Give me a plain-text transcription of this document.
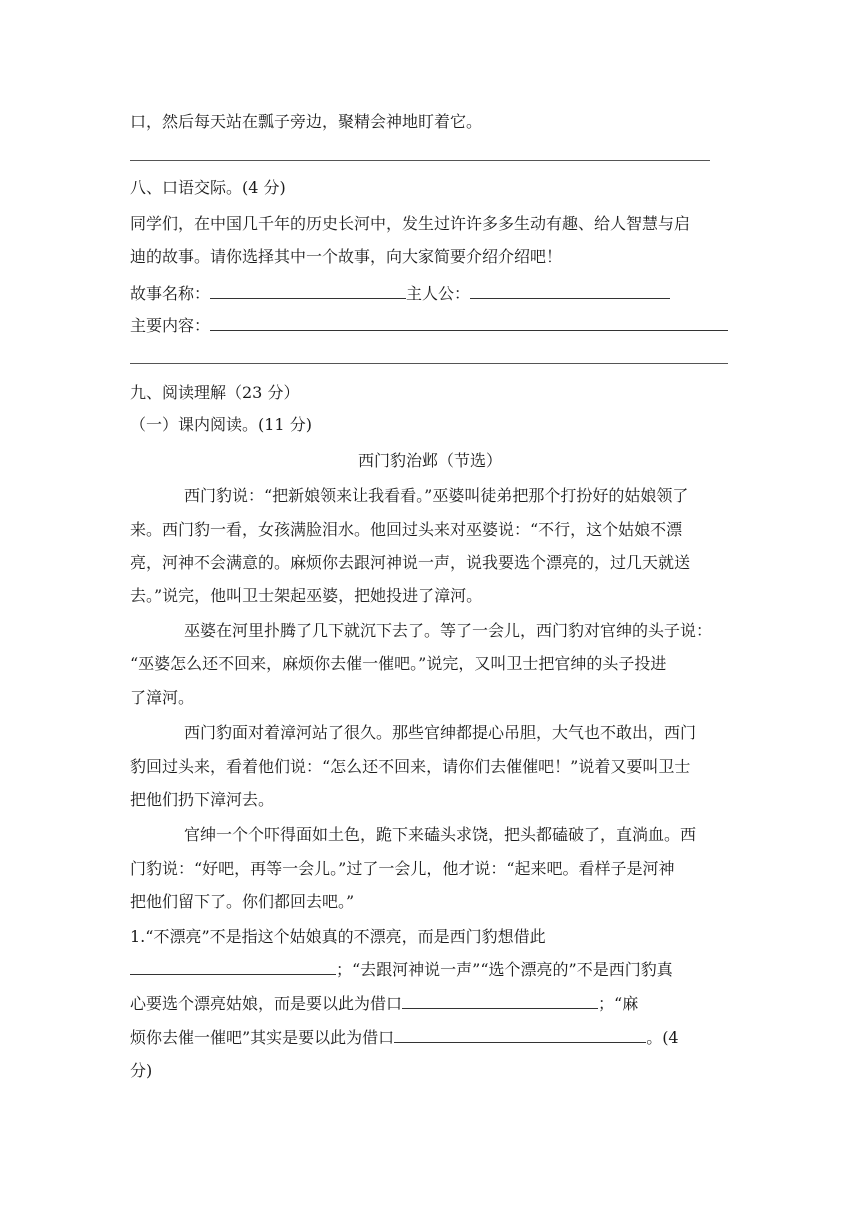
口，然后每天站在瓢子旁边，聚精会神地盯着它。
八、口语交际。(4 分)
同学们，在中国几千年的历史长河中，发生过许许多多生动有趣、给人智慧与启
迪的故事。请你选择其中一个故事，向大家简要介绍介绍吧！
故事名称：	主人公：
主要内容：
九、阅读理解（23 分）
（一）课内阅读。(11 分)
西门豹治邺（节选）
西门豹说：“把新娘领来让我看看。”巫婆叫徒弟把那个打扮好的姑娘领了
来。西门豹一看，女孩满脸泪水。他回过头来对巫婆说：“不行，这个姑娘不漂
亮，河神不会满意的。麻烦你去跟河神说一声，说我要选个漂亮的，过几天就送
去。”说完，他叫卫士架起巫婆，把她投进了漳河。
巫婆在河里扑腾了几下就沉下去了。等了一会儿，西门豹对官绅的头子说：
“巫婆怎么还不回来，麻烦你去催一催吧。”说完，又叫卫士把官绅的头子投进
了漳河。
西门豹面对着漳河站了很久。那些官绅都提心吊胆，大气也不敢出，西门
豹回过头来，看着他们说：“怎么还不回来，请你们去催催吧！”说着又要叫卫士
把他们扔下漳河去。
官绅一个个吓得面如土色，跪下来磕头求饶，把头都磕破了，直淌血。西
门豹说：“好吧，再等一会儿。”过了一会儿，他才说：“起来吧。看样子是河神
把他们留下了。你们都回去吧。”
1.“不漂亮”不是指这个姑娘真的不漂亮，而是西门豹想借此
；“去跟河神说一声”“选个漂亮的”不是西门豹真
心要选个漂亮姑娘，而是要以此为借口	；“麻
烦你去催一催吧”其实是要以此为借口	。(4
分)
